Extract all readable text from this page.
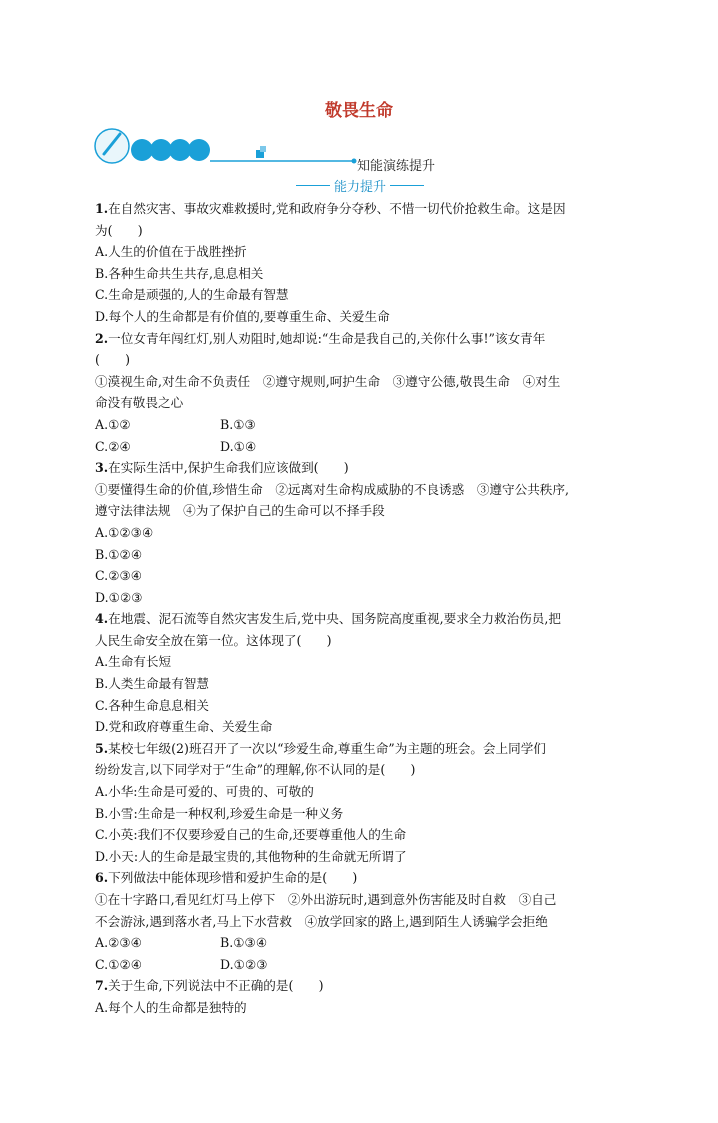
敬畏生命
知能演练提升
能力提升
1.在自然灾害、事故灾难救援时,党和政府争分夺秒、不惜一切代价抢救生命。这是因
为(　　)
A.人生的价值在于战胜挫折
B.各种生命共生共存,息息相关
C.生命是顽强的,人的生命最有智慧
D.每个人的生命都是有价值的,要尊重生命、关爱生命
2.一位女青年闯红灯,别人劝阻时,她却说:“生命是我自己的,关你什么事!”该女青年
(　　)
①漠视生命,对生命不负责任　②遵守规则,呵护生命　③遵守公德,敬畏生命　④对生
命没有敬畏之心
A.①②	B.①③
C.②④	D.①④
3.在实际生活中,保护生命我们应该做到(　　)
①要懂得生命的价值,珍惜生命　②远离对生命构成威胁的不良诱惑　③遵守公共秩序,
遵守法律法规　④为了保护自己的生命可以不择手段
A.①②③④
B.①②④
C.②③④
D.①②③
4.在地震、泥石流等自然灾害发生后,党中央、国务院高度重视,要求全力救治伤员,把
人民生命安全放在第一位。这体现了(　　)
A.生命有长短
B.人类生命最有智慧
C.各种生命息息相关
D.党和政府尊重生命、关爱生命
5.某校七年级(2)班召开了一次以“珍爱生命,尊重生命”为主题的班会。会上同学们
纷纷发言,以下同学对于“生命”的理解,你不认同的是(　　)
A.小华:生命是可爱的、可贵的、可敬的
B.小雪:生命是一种权利,珍爱生命是一种义务
C.小英:我们不仅要珍爱自己的生命,还要尊重他人的生命
D.小天:人的生命是最宝贵的,其他物种的生命就无所谓了
6.下列做法中能体现珍惜和爱护生命的是(　　)
①在十字路口,看见红灯马上停下　②外出游玩时,遇到意外伤害能及时自救　③自己
不会游泳,遇到落水者,马上下水营救　④放学回家的路上,遇到陌生人诱骗学会拒绝
A.②③④	B.①③④
C.①②④	D.①②③
7.关于生命,下列说法中不正确的是(　　)
A.每个人的生命都是独特的
